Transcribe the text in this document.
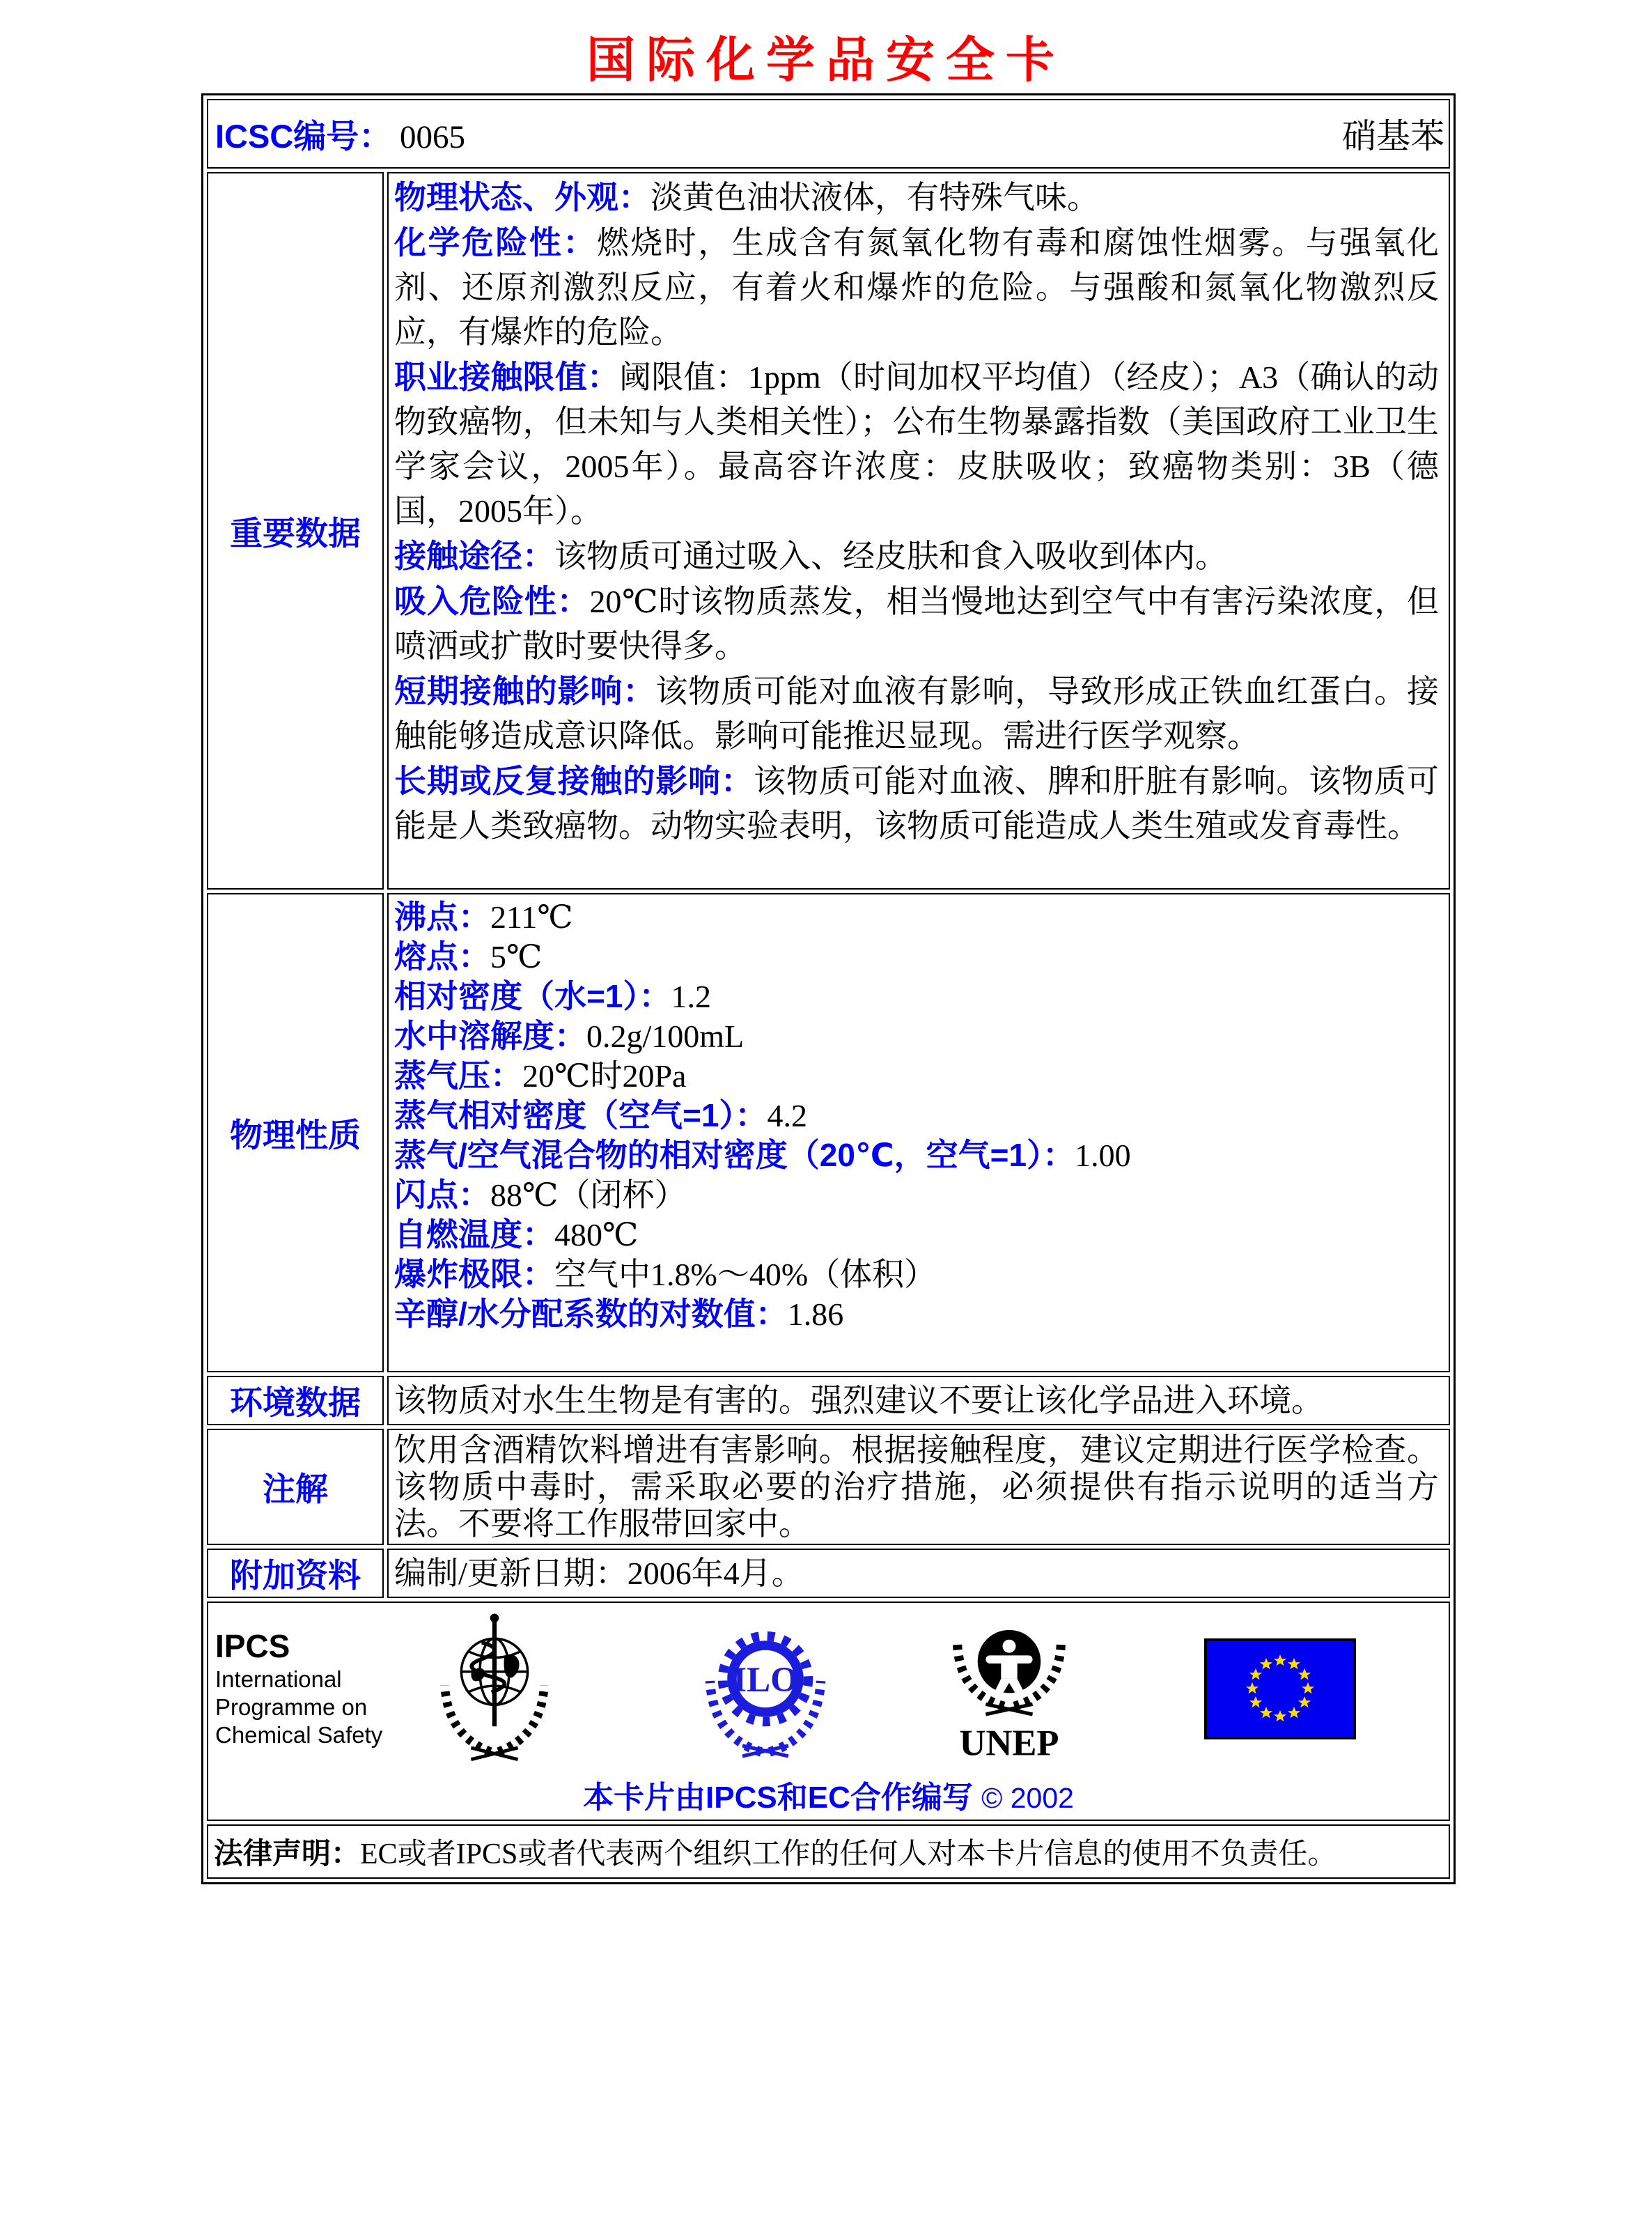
国际化学品安全卡
ICSC编号： 0065 硝基苯	

重要数据	
物理状态、外观：淡黄色油状液体，有特殊气味。
化学危险性：燃烧时，生成含有氮氧化物有毒和腐蚀性烟雾。与强氧化剂、还原剂激烈反应，有着火和爆炸的危险。与强酸和氮氧化物激烈反应，有爆炸的危险。
职业接触限值：阈限值：1ppm（时间加权平均值）（经皮）；A3（确认的动物致癌物，但未知与人类相关性）；公布生物暴露指数（美国政府工业卫生学家会议，2005年）。最高容许浓度：皮肤吸收；致癌物类别：3B（德国，2005年）。
接触途径：该物质可通过吸入、经皮肤和食入吸收到体内。
吸入危险性：20℃时该物质蒸发，相当慢地达到空气中有害污染浓度，但喷洒或扩散时要快得多。
短期接触的影响：该物质可能对血液有影响，导致形成正铁血红蛋白。接触能够造成意识降低。影响可能推迟显现。需进行医学观察。
长期或反复接触的影响：该物质可能对血液、脾和肝脏有影响。该物质可能是人类致癌物。动物实验表明，该物质可能造成人类生殖或发育毒性。

物理性质	
沸点：211℃
熔点：5℃
相对密度（水=1）：1.2
水中溶解度：0.2g/100mL
蒸气压：20℃时20Pa
蒸气相对密度（空气=1）：4.2
蒸气/空气混合物的相对密度（20℃，空气=1）：1.00
闪点：88℃（闭杯）
自燃温度：480℃
爆炸极限：空气中1.8%～40%（体积）
辛醇/水分配系数的对数值：1.86

环境数据	该物质对水生生物是有害的。强烈建议不要让该化学品进入环境。

注解	饮用含酒精饮料增进有害影响。根据接触程度，建议定期进行医学检查。该物质中毒时，需采取必要的治疗措施，必须提供有指示说明的适当方法。不要将工作服带回家中。

附加资料	编制/更新日期：2006年4月。

IPCS
International
Programme on
Chemical Safety
ILO
UNEP
本卡片由IPCS和EC合作编写 © 2002

法律声明：EC或者IPCS或者代表两个组织工作的任何人对本卡片信息的使用不负责任。	
